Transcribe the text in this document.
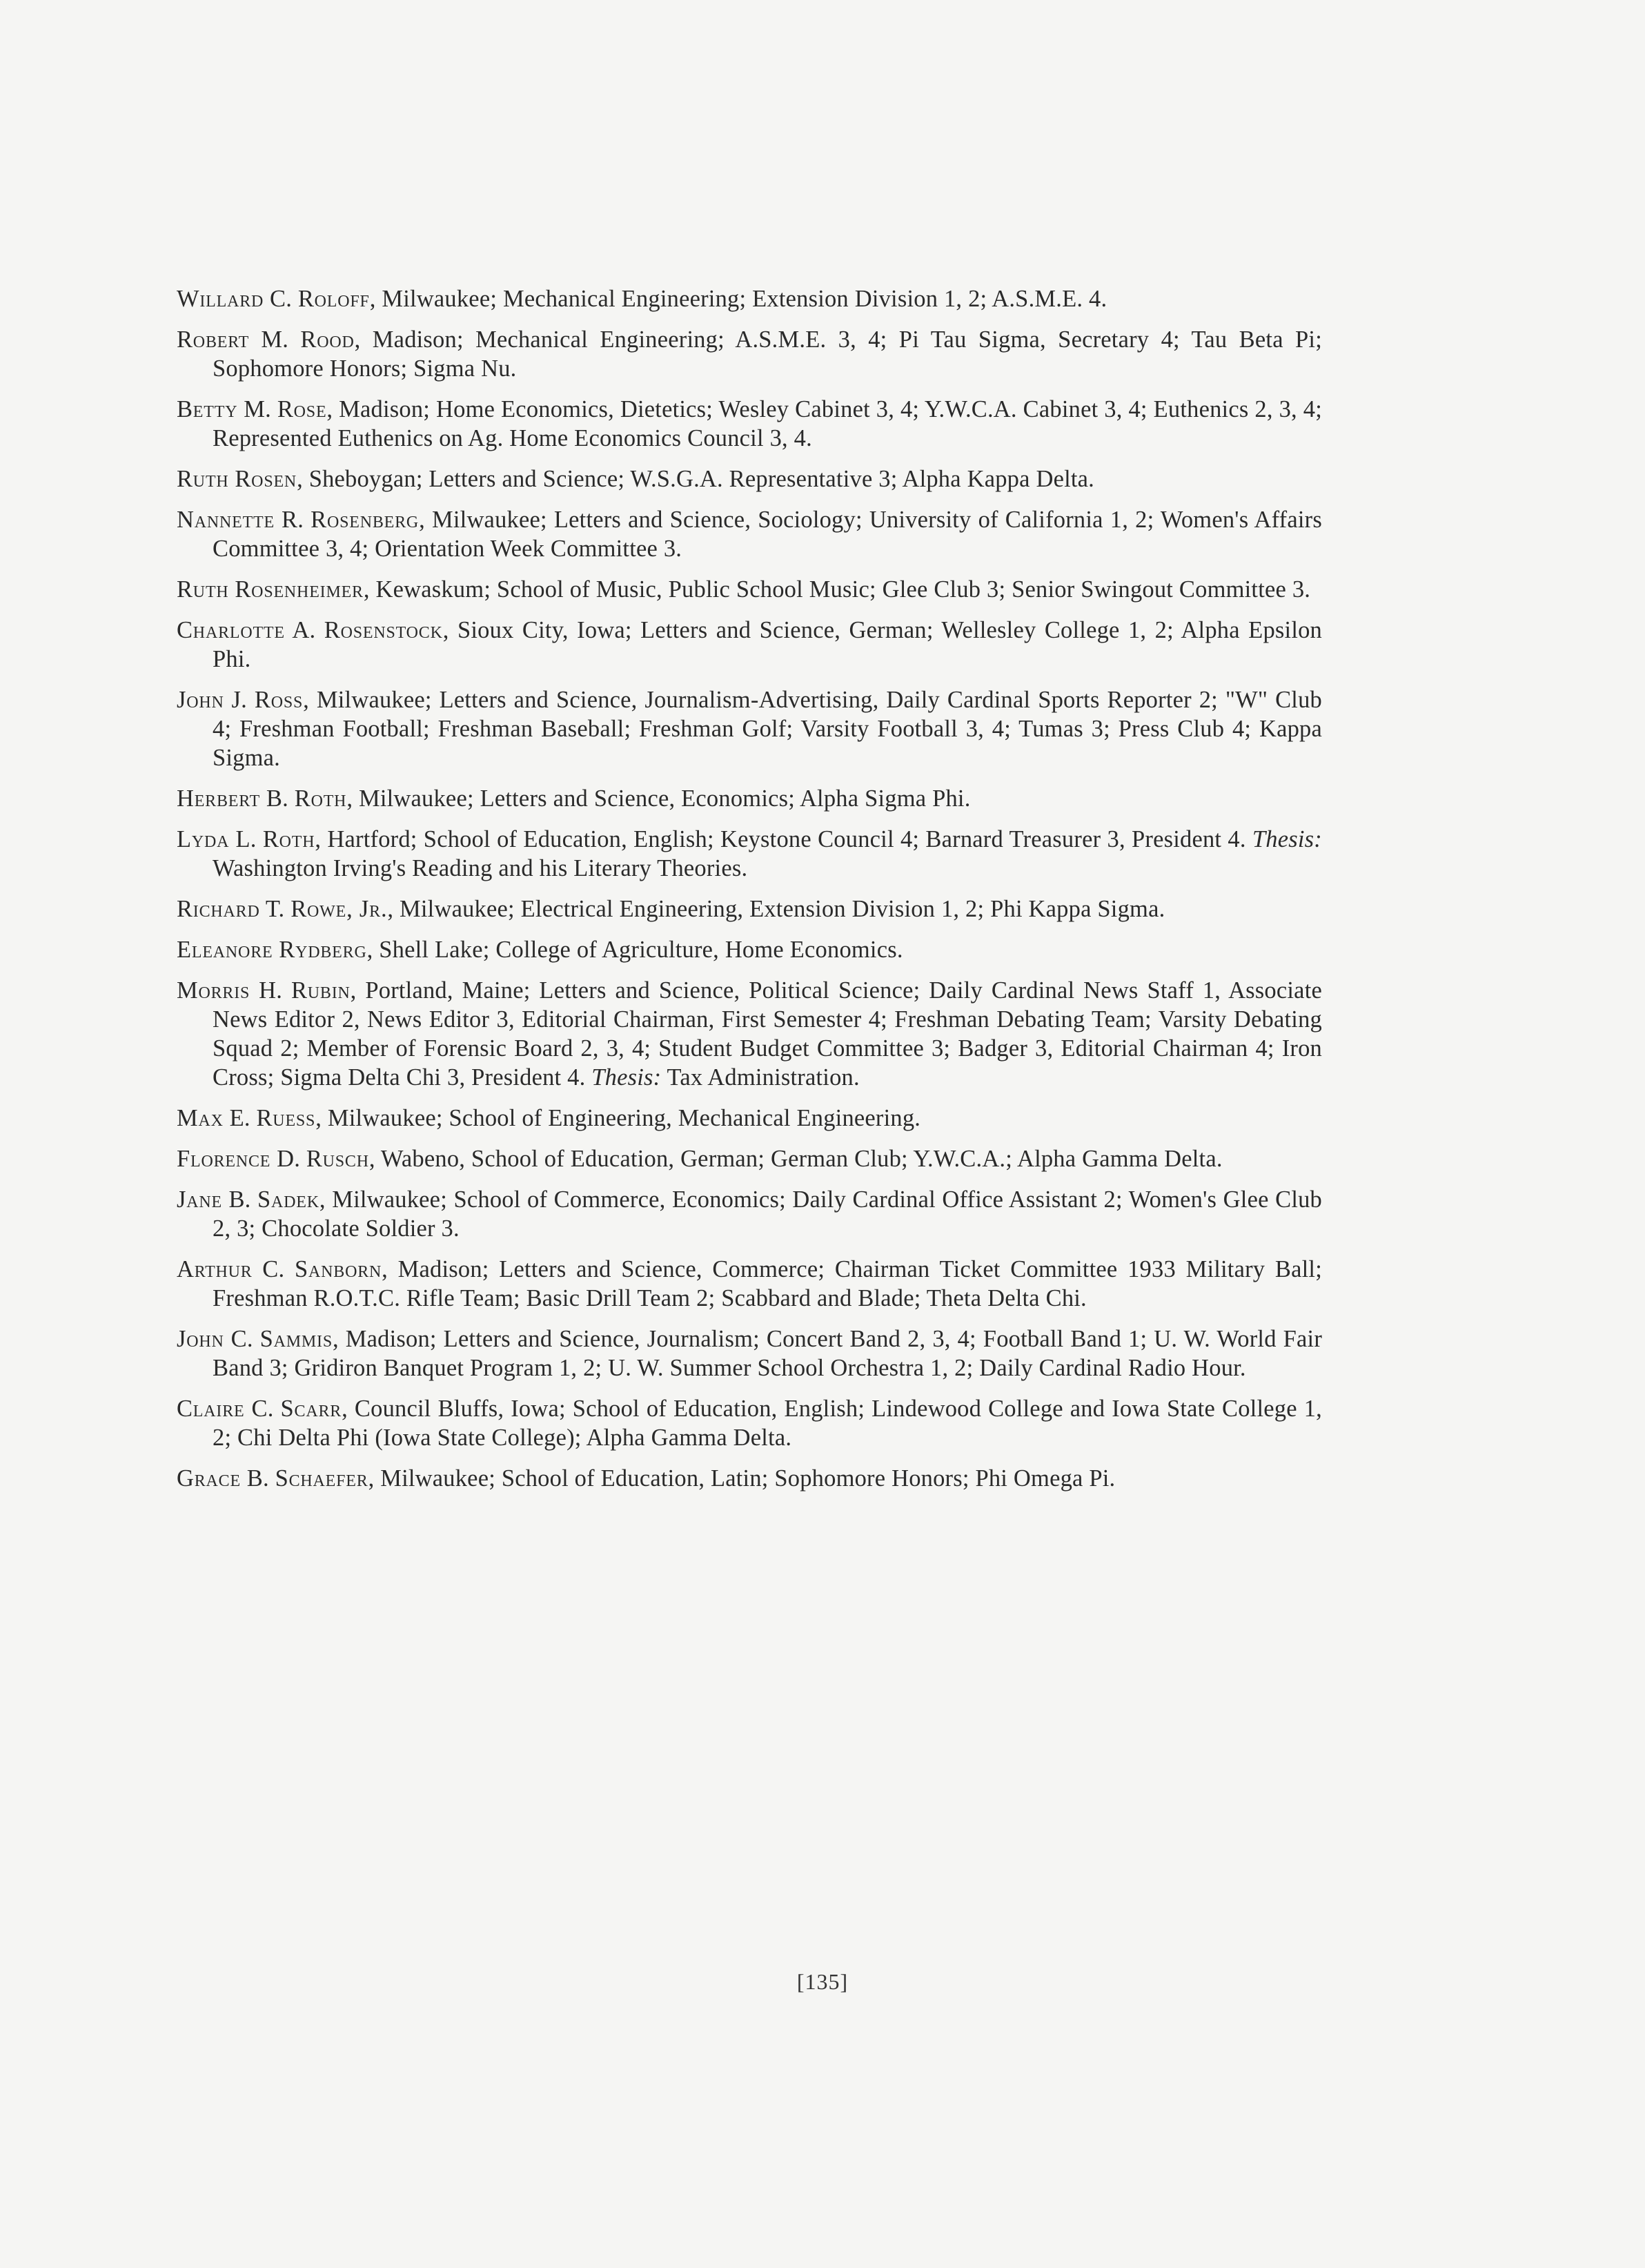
Willard C. Roloff, Milwaukee; Mechanical Engineering; Extension Division 1, 2; A.S.M.E. 4.

Robert M. Rood, Madison; Mechanical Engineering; A.S.M.E. 3, 4; Pi Tau Sigma, Secretary 4; Tau Beta Pi; Sophomore Honors; Sigma Nu.

Betty M. Rose, Madison; Home Economics, Dietetics; Wesley Cabinet 3, 4; Y.W.C.A. Cabinet 3, 4; Euthenics 2, 3, 4; Represented Euthenics on Ag. Home Economics Council 3, 4.

Ruth Rosen, Sheboygan; Letters and Science; W.S.G.A. Representative 3; Alpha Kappa Delta.

Nannette R. Rosenberg, Milwaukee; Letters and Science, Sociology; University of California 1, 2; Women's Affairs Committee 3, 4; Orientation Week Committee 3.

Ruth Rosenheimer, Kewaskum; School of Music, Public School Music; Glee Club 3; Senior Swingout Committee 3.

Charlotte A. Rosenstock, Sioux City, Iowa; Letters and Science, German; Wellesley College 1, 2; Alpha Epsilon Phi.

John J. Ross, Milwaukee; Letters and Science, Journalism-Advertising, Daily Cardinal Sports Reporter 2; "W" Club 4; Freshman Football; Freshman Baseball; Freshman Golf; Varsity Football 3, 4; Tumas 3; Press Club 4; Kappa Sigma.

Herbert B. Roth, Milwaukee; Letters and Science, Economics; Alpha Sigma Phi.

Lyda L. Roth, Hartford; School of Education, English; Keystone Council 4; Barnard Treasurer 3, President 4. Thesis: Washington Irving's Reading and his Literary Theories.

Richard T. Rowe, Jr., Milwaukee; Electrical Engineering, Extension Division 1, 2; Phi Kappa Sigma.

Eleanore Rydberg, Shell Lake; College of Agriculture, Home Economics.

Morris H. Rubin, Portland, Maine; Letters and Science, Political Science; Daily Cardinal News Staff 1, Associate News Editor 2, News Editor 3, Editorial Chairman, First Semester 4; Freshman Debating Team; Varsity Debating Squad 2; Member of Forensic Board 2, 3, 4; Student Budget Committee 3; Badger 3, Editorial Chairman 4; Iron Cross; Sigma Delta Chi 3, President 4. Thesis: Tax Administration.

Max E. Ruess, Milwaukee; School of Engineering, Mechanical Engineering.

Florence D. Rusch, Wabeno, School of Education, German; German Club; Y.W.C.A.; Alpha Gamma Delta.

Jane B. Sadek, Milwaukee; School of Commerce, Economics; Daily Cardinal Office Assistant 2; Women's Glee Club 2, 3; Chocolate Soldier 3.

Arthur C. Sanborn, Madison; Letters and Science, Commerce; Chairman Ticket Committee 1933 Military Ball; Freshman R.O.T.C. Rifle Team; Basic Drill Team 2; Scabbard and Blade; Theta Delta Chi.

John C. Sammis, Madison; Letters and Science, Journalism; Concert Band 2, 3, 4; Football Band 1; U. W. World Fair Band 3; Gridiron Banquet Program 1, 2; U. W. Summer School Orchestra 1, 2; Daily Cardinal Radio Hour.

Claire C. Scarr, Council Bluffs, Iowa; School of Education, English; Lindewood College and Iowa State College 1, 2; Chi Delta Phi (Iowa State College); Alpha Gamma Delta.

Grace B. Schaefer, Milwaukee; School of Education, Latin; Sophomore Honors; Phi Omega Pi.

[135]
